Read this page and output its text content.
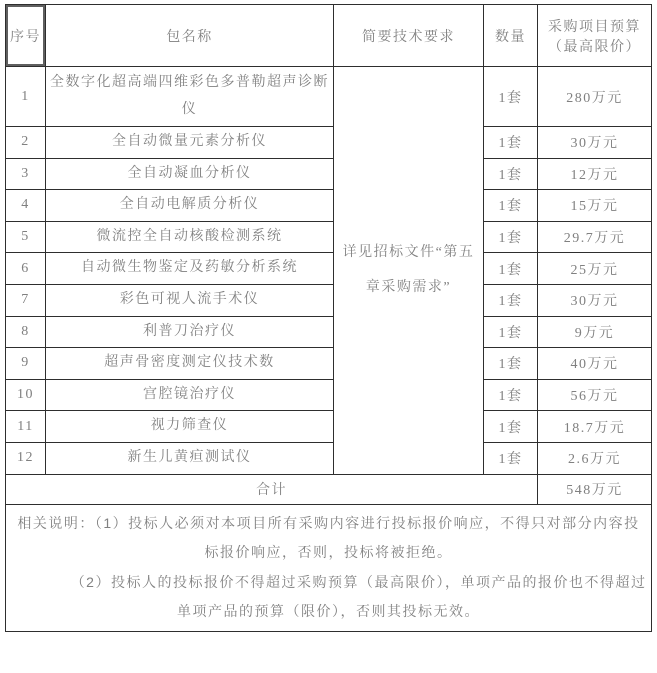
序号	包名称	简要技术要求	数量	采购项目预算
（最高限价）
1	全数字化超高端四维彩色多普勒超声诊断仪	详见招标文件“第五章采购需求”	1套	280万元
2	全自动微量元素分析仪		1套	30万元
3	全自动凝血分析仪		1套	12万元
4	全自动电解质分析仪		1套	15万元
5	微流控全自动核酸检测系统		1套	29.7万元
6	自动微生物鉴定及药敏分析系统		1套	25万元
7	彩色可视人流手术仪		1套	30万元
8	利普刀治疗仪		1套	9万元
9	超声骨密度测定仪技术数		1套	40万元
10	宫腔镜治疗仪		1套	56万元
11	视力筛查仪		1套	18.7万元
12	新生儿黄疸测试仪		1套	2.6万元
合计				548万元

相关说明：（1）投标人必须对本项目所有采购内容进行投标报价响应，不得只对部分内容投标报价响应，否则，投标将被拒绝。

（2）投标人的投标报价不得超过采购预算（最高限价），单项产品的报价也不得超过单项产品的预算（限价），否则其投标无效。				
